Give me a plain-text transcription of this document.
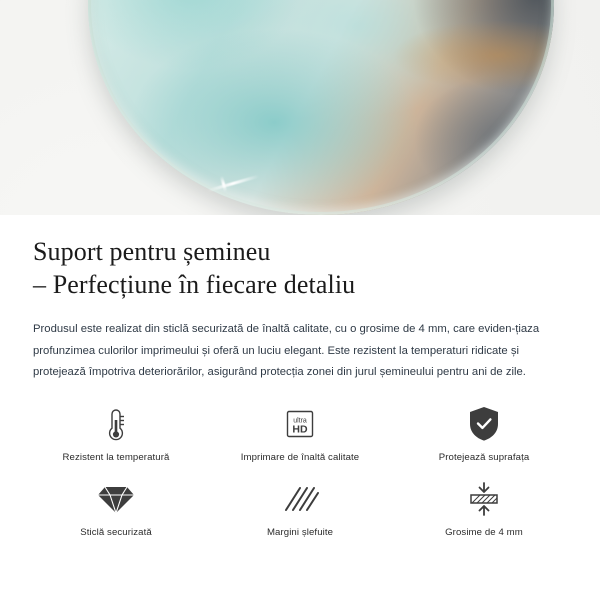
Suport pentru șemineu
– Perfecțiune în fiecare detaliu

Produsul este realizat din sticlă securizată de înaltă calitate, cu o grosime de 4 mm, care eviden-țiaza profunzimea culorilor imprimeului și oferă un luciu elegant. Este rezistent la temperaturi ridicate și protejează împotriva deteriorărilor, asigurând protecția zonei din jurul șemineului pentru ani de zile.

Rezistent la temperatură
ultra
HD
Imprimare de înaltă calitate	Protejează suprafața
Sticlă securizată	Margini șlefuite	Grosime de 4 mm
